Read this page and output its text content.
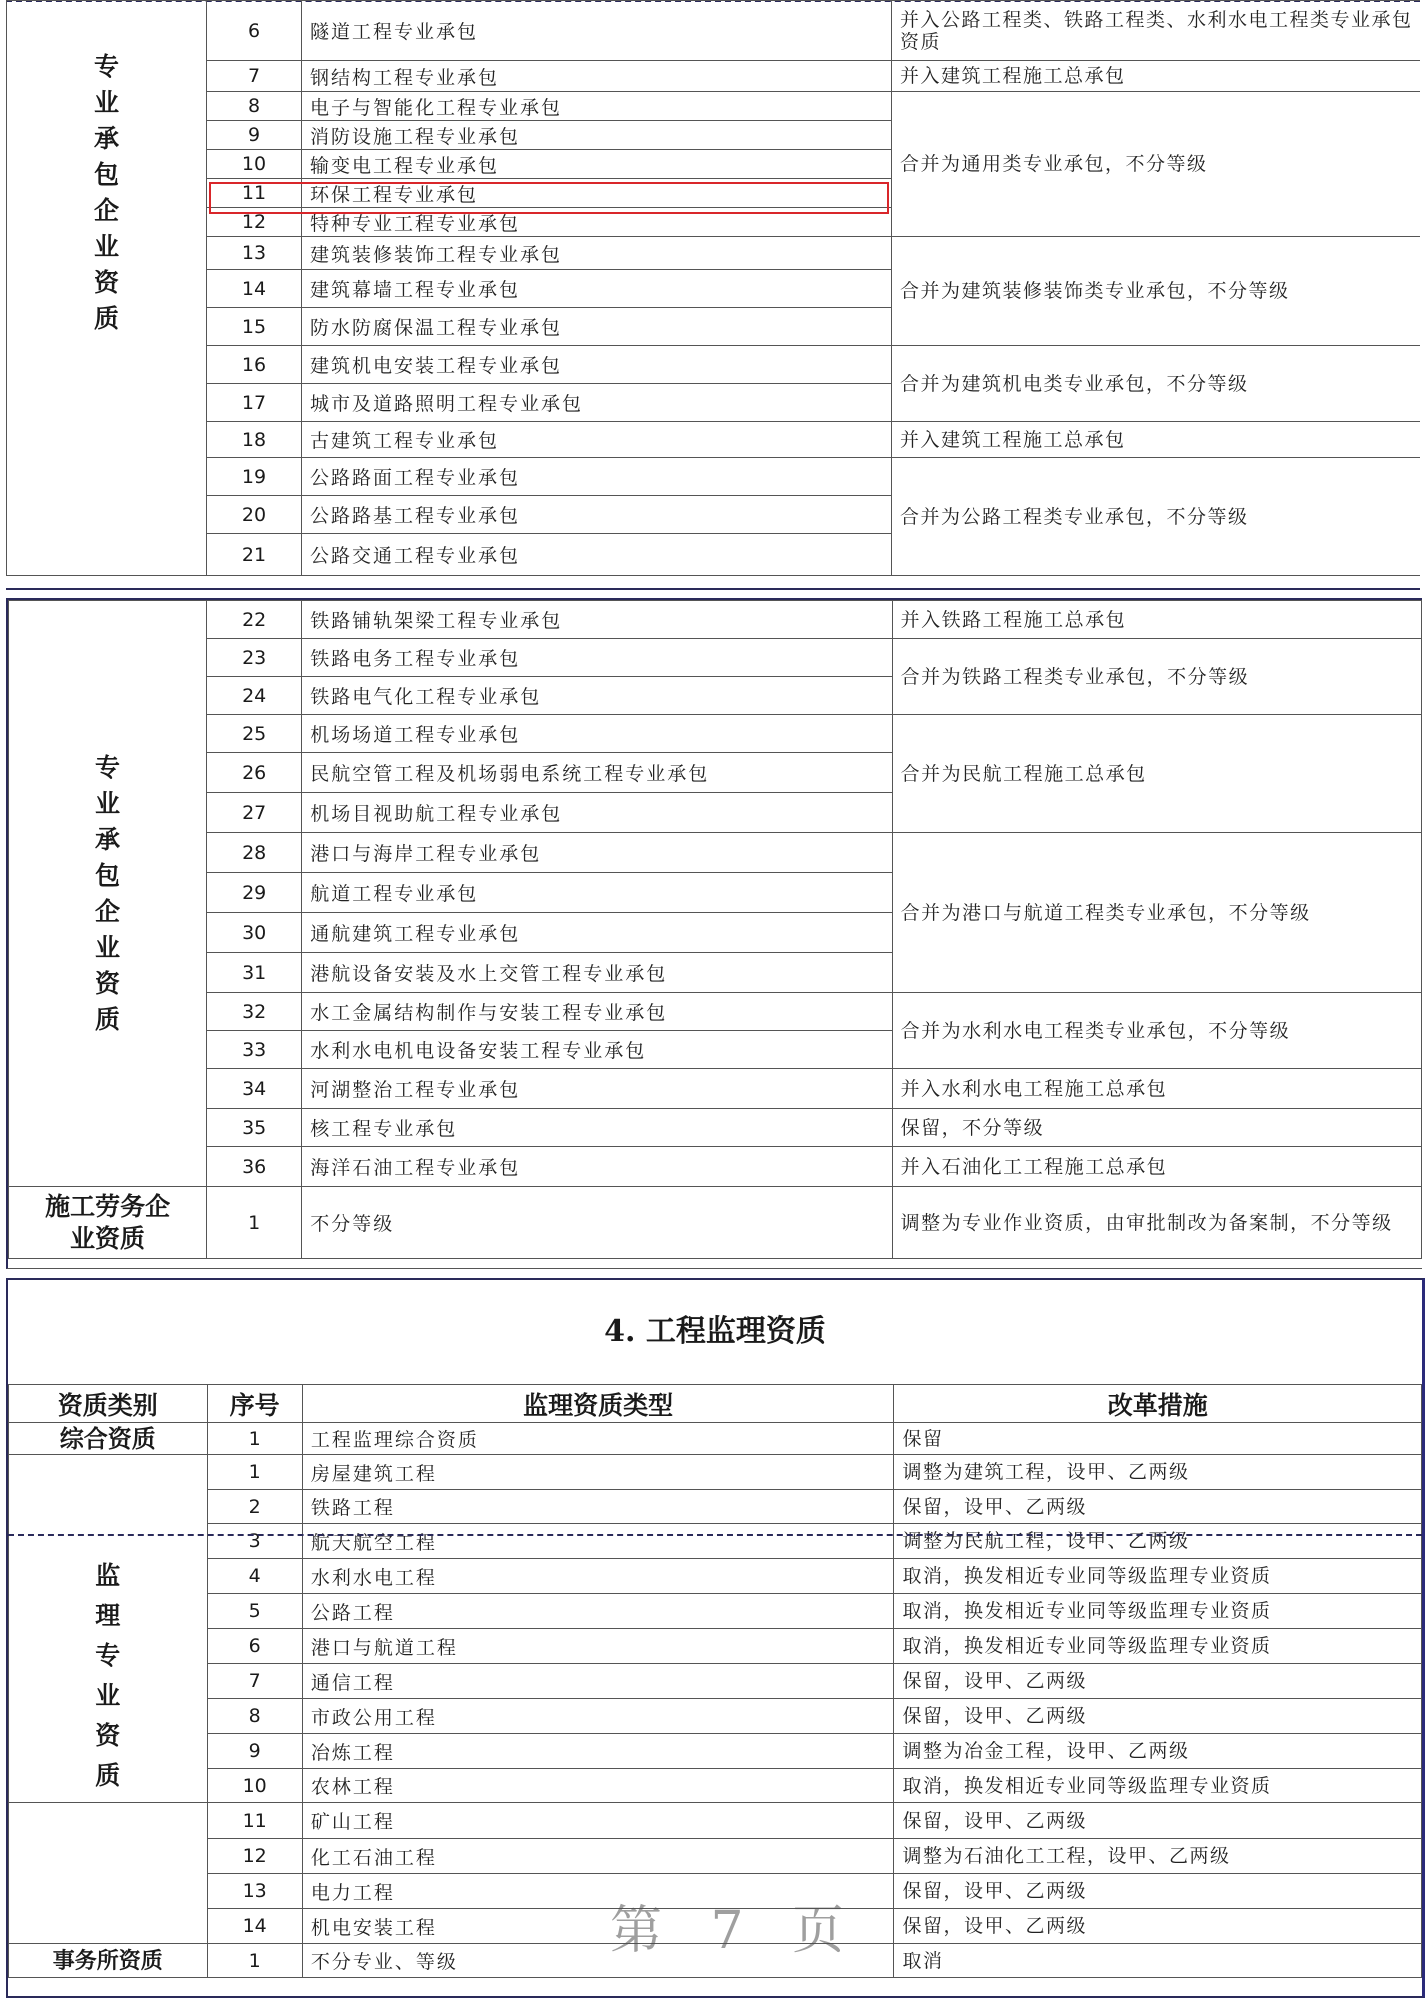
专业承包企业资质	6	隧道工程专业承包	并入公路工程类、铁路工程类、水利水电工程类专业承包资质
	7	钢结构工程专业承包	并入建筑工程施工总承包
	8	电子与智能化工程专业承包	合并为通用类专业承包，不分等级
	9	消防设施工程专业承包	
	10	输变电工程专业承包	
	11	环保工程专业承包	
	12	特种专业工程专业承包	
	13	建筑装修装饰工程专业承包	合并为建筑装修装饰类专业承包，不分等级
	14	建筑幕墙工程专业承包	
	15	防水防腐保温工程专业承包	
	16	建筑机电安装工程专业承包	合并为建筑机电类专业承包，不分等级
	17	城市及道路照明工程专业承包	
	18	古建筑工程专业承包	并入建筑工程施工总承包
	19	公路路面工程专业承包	合并为公路工程类专业承包，不分等级
	20	公路路基工程专业承包	
	21	公路交通工程专业承包	
专业承包企业资质	22	铁路铺轨架梁工程专业承包	并入铁路工程施工总承包
	23	铁路电务工程专业承包	合并为铁路工程类专业承包，不分等级
	24	铁路电气化工程专业承包	
	25	机场场道工程专业承包	合并为民航工程施工总承包
	26	民航空管工程及机场弱电系统工程专业承包	
	27	机场目视助航工程专业承包	
	28	港口与海岸工程专业承包	合并为港口与航道工程类专业承包，不分等级
	29	航道工程专业承包	
	30	通航建筑工程专业承包	
	31	港航设备安装及水上交管工程专业承包	
	32	水工金属结构制作与安装工程专业承包	合并为水利水电工程类专业承包，不分等级
	33	水利水电机电设备安装工程专业承包	
	34	河湖整治工程专业承包	并入水利水电工程施工总承包
	35	核工程专业承包	保留，不分等级
	36	海洋石油工程专业承包	并入石油化工工程施工总承包
施工劳务企业资质	1	不分等级	调整为专业作业资质，由审批制改为备案制，不分等级
4. 工程监理资质
资质类别	序号	监理资质类型	改革措施
综合资质	1	工程监理综合资质	保留
监理专业资质	1	房屋建筑工程	调整为建筑工程，设甲、乙两级
	2	铁路工程	保留，设甲、乙两级
	3	航天航空工程	调整为民航工程，设甲、乙两级
	4	水利水电工程	取消，换发相近专业同等级监理专业资质
	5	公路工程	取消，换发相近专业同等级监理专业资质
	6	港口与航道工程	取消，换发相近专业同等级监理专业资质
	7	通信工程	保留，设甲、乙两级
	8	市政公用工程	保留，设甲、乙两级
	9	冶炼工程	调整为冶金工程，设甲、乙两级
	10	农林工程	取消，换发相近专业同等级监理专业资质
	11	矿山工程	保留，设甲、乙两级
	12	化工石油工程	调整为石油化工工程，设甲、乙两级
	13	电力工程	保留，设甲、乙两级
	14	机电安装工程	保留，设甲、乙两级
事务所资质	1	不分专业、等级	取消
第 7 页
